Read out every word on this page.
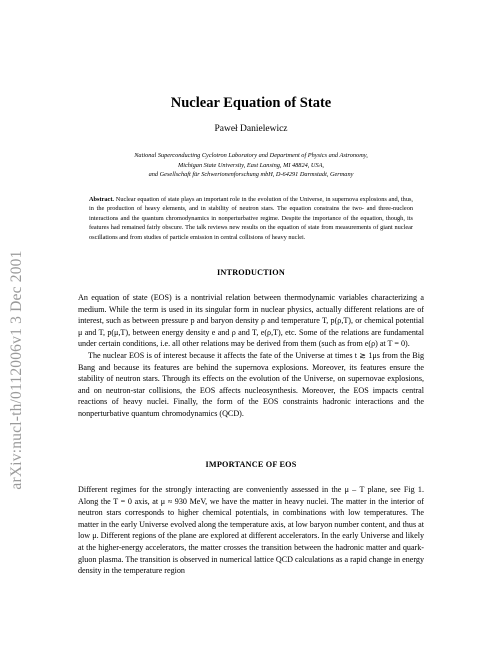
arXiv:nucl-th/0112006v1 3 Dec 2001
Nuclear Equation of State
Paweł Danielewicz
National Superconducting Cyclotron Laboratory and Department of Physics and Astronomy,
Michigan State University, East Lansing, MI 48824, USA,
and Gesellschaft für Schwerionenforschung mbH, D-64291 Darmstadt, Germany
Abstract. Nuclear equation of state plays an important role in the evolution of the Universe, in supernova explosions and, thus, in the production of heavy elements, and in stability of neutron stars. The equation constrains the two- and three-nucleon interactions and the quantum chromodynamics in nonperturbative regime. Despite the importance of the equation, though, its features had remained fairly obscure. The talk reviews new results on the equation of state from measurements of giant nuclear oscillations and from studies of particle emission in central collisions of heavy nuclei.
INTRODUCTION

An equation of state (EOS) is a nontrivial relation between thermodynamic variables characterizing a medium. While the term is used in its singular form in nuclear physics, actually different relations are of interest, such as between pressure p and baryon density ρ and temperature T, p(ρ,T), or chemical potential μ and T, p(μ,T), between energy density e and ρ and T, e(ρ,T), etc. Some of the relations are fundamental under certain conditions, i.e. all other relations may be derived from them (such as from e(ρ) at T = 0).

The nuclear EOS is of interest because it affects the fate of the Universe at times t ≳ 1μs from the Big Bang and because its features are behind the supernova explosions. Moreover, its features ensure the stability of neutron stars. Through its effects on the evolution of the Universe, on supernovae explosions, and on neutron-star collisions, the EOS affects nucleosynthesis. Moreover, the EOS impacts central reactions of heavy nuclei. Finally, the form of the EOS constraints hadronic interactions and the nonperturbative quantum chromodynamics (QCD).

IMPORTANCE OF EOS

Different regimes for the strongly interacting are conveniently assessed in the μ – T plane, see Fig 1. Along the T = 0 axis, at μ ≈ 930 MeV, we have the matter in heavy nuclei. The matter in the interior of neutron stars corresponds to higher chemical potentials, in combinations with low temperatures. The matter in the early Universe evolved along the temperature axis, at low baryon number content, and thus at low μ. Different regions of the plane are explored at different accelerators. In the early Universe and likely at the higher-energy accelerators, the matter crosses the transition between the hadronic matter and quark-gluon plasma. The transition is observed in numerical lattice QCD calculations as a rapid change in energy density in the temperature region
